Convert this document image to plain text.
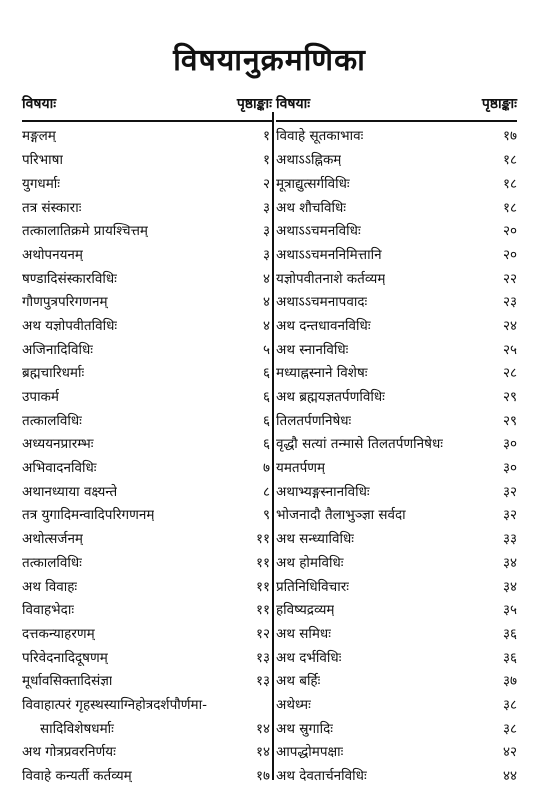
विषयानुक्रमणिका
विषयाः	पृष्ठाङ्काः
मङ्गलम्	१
परिभाषा	१
युगधर्माः	२
तत्र संस्काराः	३
तत्कालातिक्रमे प्रायश्चित्तम्	३
अथोपनयनम्	३
षण्डादिसंस्कारविधिः	४
गौणपुत्रपरिगणनम्	४
अथ यज्ञोपवीतविधिः	४
अजिनादिविधिः	५
ब्रह्मचारिधर्माः	६
उपाकर्म	६
तत्कालविधिः	६
अध्ययनप्रारम्भः	६
अभिवादनविधिः	७
अथानध्याया वक्ष्यन्ते	८
तत्र युगादिमन्वादिपरिगणनम्	९
अथोत्सर्जनम्	११
तत्कालविधिः	११
अथ विवाहः	११
विवाहभेदाः	११
दत्तकन्याहरणम्	१२
परिवेदनादिदूषणम्	१३
मूर्धावसिक्तादिसंज्ञा	१३
विवाहात्परं गृहस्थस्याग्निहोत्रदर्शपौर्णमा-
सादिविशेषधर्माः	१४
अथ गोत्रप्रवरनिर्णयः	१४
विवाहे कन्यर्ती कर्तव्यम्	१७
विषयाः	पृष्ठाङ्काः
विवाहे सूतकाभावः	१७
अथाऽऽह्निकम्	१८
मूत्राद्युत्सर्गविधिः	१८
अथ शौचविधिः	१८
अथाऽऽचमनविधिः	२०
अथाऽऽचमननिमित्तानि	२०
यज्ञोपवीतनाशे कर्तव्यम्	२२
अथाऽऽचमनापवादः	२३
अथ दन्तधावनविधिः	२४
अथ स्नानविधिः	२५
मध्याह्नस्नाने विशेषः	२८
अथ ब्रह्मयज्ञतर्पणविधिः	२९
तिलतर्पणनिषेधः	२९
वृद्धौ सत्यां तन्मासे तिलतर्पणनिषेधः	३०
यमतर्पणम्	३०
अथाभ्यङ्गस्नानविधिः	३२
भोजनादौ तैलाभुञ्ज्ञा सर्वदा	३२
अथ सन्ध्याविधिः	३३
अथ होमविधिः	३४
प्रतिनिधिविचारः	३४
हविष्यद्रव्यम्	३५
अथ समिधः	३६
अथ दर्भविधिः	३६
अथ बर्हिः	३७
अथेध्मः	३८
अथ स्रुगादिः	३८
आपद्धोमपक्षाः	४२
अथ देवतार्चनविधिः	४४
